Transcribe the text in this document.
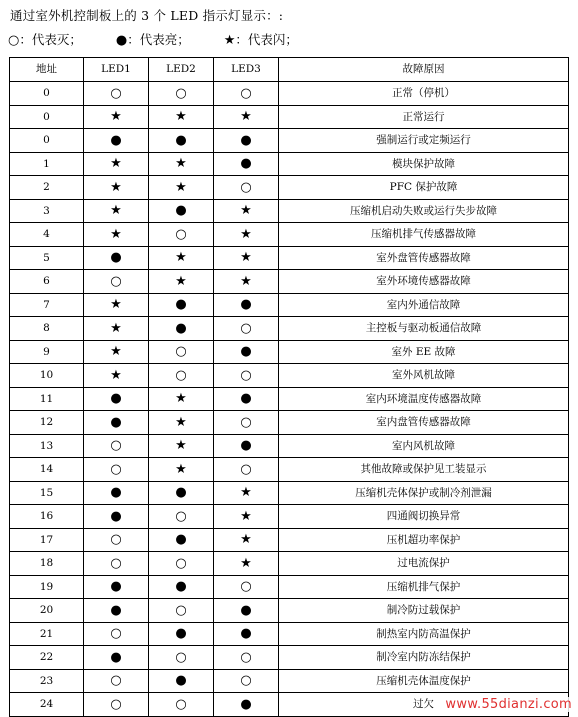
通过室外机控制板上的 3 个 LED 指示灯显示：:
○：代表灭；	●：代表亮；	★：代表闪；
地址	LED1	LED2	LED3	故障原因
0	○	○	○	正常（停机）
0	★	★	★	正常运行
0	●	●	●	强制运行或定频运行
1	★	★	●	模块保护故障
2	★	★	○	PFC 保护故障
3	★	●	★	压缩机启动失败或运行失步故障
4	★	○	★	压缩机排气传感器故障
5	●	★	★	室外盘管传感器故障
6	○	★	★	室外环境传感器故障
7	★	●	●	室内外通信故障
8	★	●	○	主控板与驱动板通信故障
9	★	○	●	室外 EE 故障
10	★	○	○	室外风机故障
11	●	★	●	室内环境温度传感器故障
12	●	★	○	室内盘管传感器故障
13	○	★	●	室内风机故障
14	○	★	○	其他故障或保护见工装显示
15	●	●	★	压缩机壳体保护或制冷剂泄漏
16	●	○	★	四通阀切换异常
17	○	●	★	压机超功率保护
18	○	○	★	过电流保护
19	●	●	○	压缩机排气保护
20	●	○	●	制冷防过载保护
21	○	●	●	制热室内防高温保护
22	●	○	○	制冷室内防冻结保护
23	○	●	○	压缩机壳体温度保护
24	○	○	●	过欠 www.55dianzi.com
